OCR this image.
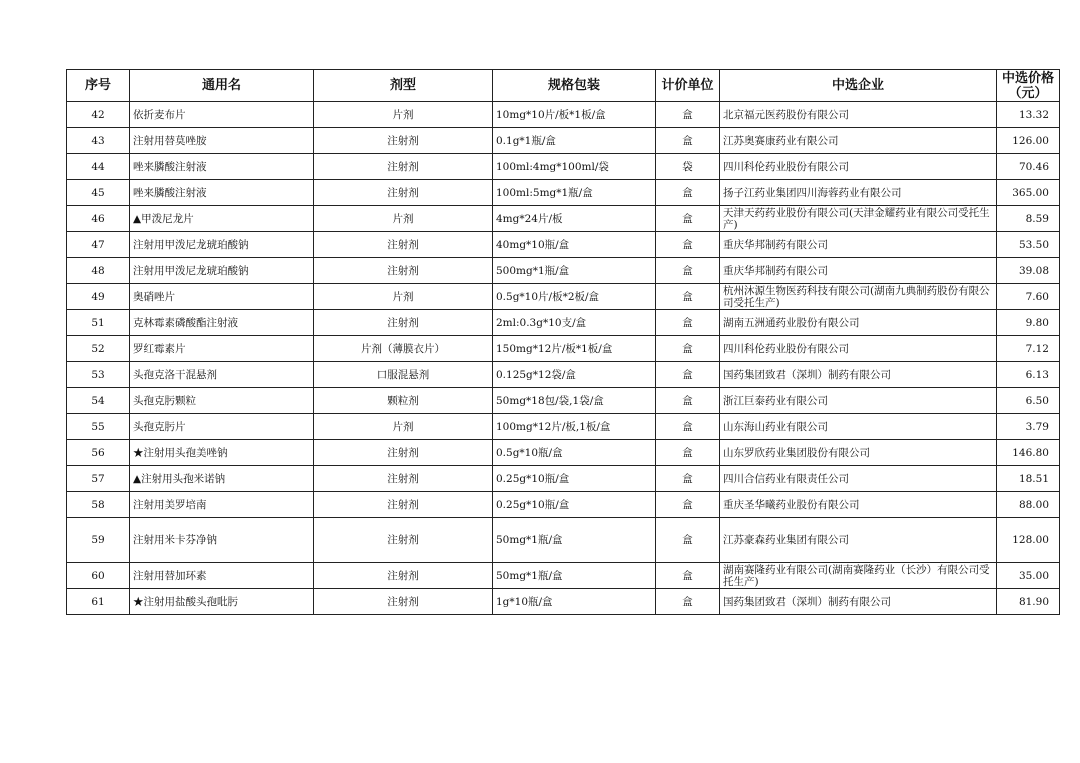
序号	通用名	剂型	规格包装	计价单位	中选企业	中选价格（元）
42	依折麦布片	片剂	10mg*10片/板*1板/盒	盒	北京福元医药股份有限公司	13.32
43	注射用替莫唑胺	注射剂	0.1g*1瓶/盒	盒	江苏奥赛康药业有限公司	126.00
44	唑来膦酸注射液	注射剂	100ml:4mg*100ml/袋	袋	四川科伦药业股份有限公司	70.46
45	唑来膦酸注射液	注射剂	100ml:5mg*1瓶/盒	盒	扬子江药业集团四川海蓉药业有限公司	365.00
46	▲甲泼尼龙片	片剂	4mg*24片/板	盒	天津天药药业股份有限公司(天津金耀药业有限公司受托生产)	8.59
47	注射用甲泼尼龙琥珀酸钠	注射剂	40mg*10瓶/盒	盒	重庆华邦制药有限公司	53.50
48	注射用甲泼尼龙琥珀酸钠	注射剂	500mg*1瓶/盒	盒	重庆华邦制药有限公司	39.08
49	奥硝唑片	片剂	0.5g*10片/板*2板/盒	盒	杭州沐源生物医药科技有限公司(湖南九典制药股份有限公司受托生产)	7.60
51	克林霉素磷酸酯注射液	注射剂	2ml:0.3g*10支/盒	盒	湖南五洲通药业股份有限公司	9.80
52	罗红霉素片	片剂（薄膜衣片）	150mg*12片/板*1板/盒	盒	四川科伦药业股份有限公司	7.12
53	头孢克洛干混悬剂	口服混悬剂	0.125g*12袋/盒	盒	国药集团致君（深圳）制药有限公司	6.13
54	头孢克肟颗粒	颗粒剂	50mg*18包/袋,1袋/盒	盒	浙江巨泰药业有限公司	6.50
55	头孢克肟片	片剂	100mg*12片/板,1板/盒	盒	山东海山药业有限公司	3.79
56	★注射用头孢美唑钠	注射剂	0.5g*10瓶/盒	盒	山东罗欣药业集团股份有限公司	146.80
57	▲注射用头孢米诺钠	注射剂	0.25g*10瓶/盒	盒	四川合信药业有限责任公司	18.51
58	注射用美罗培南	注射剂	0.25g*10瓶/盒	盒	重庆圣华曦药业股份有限公司	88.00
59	注射用米卡芬净钠	注射剂	50mg*1瓶/盒	盒	江苏豪森药业集团有限公司	128.00
60	注射用替加环素	注射剂	50mg*1瓶/盒	盒	湖南赛隆药业有限公司(湖南赛隆药业（长沙）有限公司受托生产)	35.00
61	★注射用盐酸头孢吡肟	注射剂	1g*10瓶/盒	盒	国药集团致君（深圳）制药有限公司	81.90
